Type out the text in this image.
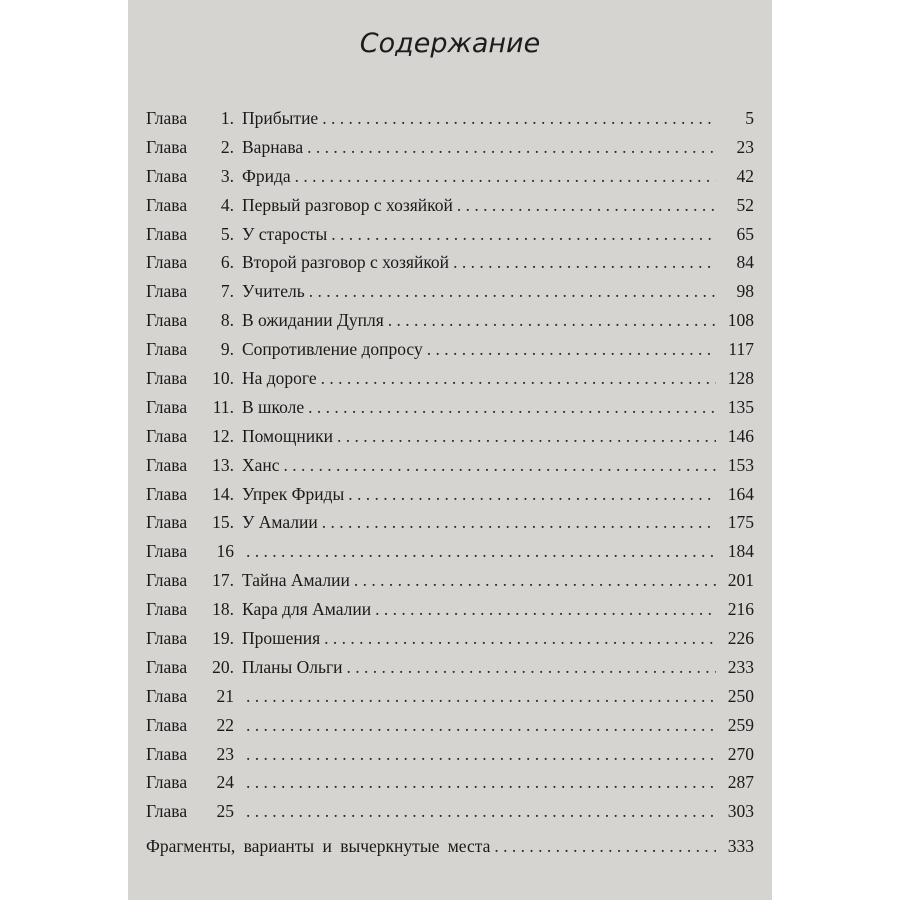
Содержание
Глава	1. Прибытие . . .	5
Глава	2. Варнава . . .	23
Глава	3. Фрида . . .	42
Глава	4. Первый разговор с хозяйкой . . .	52
Глава	5. У старосты . . .	65
Глава	6. Второй разговор с хозяйкой . . .	84
Глава	7. Учитель . . .	98
Глава	8. В ожидании Дупля . . .	108
Глава	9. Сопротивление допросу . . .	117
Глава	10. На дороге . . .	128
Глава	11. В школе . . .	135
Глава	12. Помощники . . .	146
Глава	13. Ханс . . .	153
Глава	14. Упрек Фриды . . .	164
Глава	15. У Амалии . . .	175
Глава	16 . . .	184
Глава	17. Тайна Амалии . . .	201
Глава	18. Кара для Амалии . . .	216
Глава	19. Прошения . . .	226
Глава	20. Планы Ольги . . .	233
Глава	21 . . .	250
Глава	22 . . .	259
Глава	23 . . .	270
Глава	24 . . .	287
Глава	25 . . .	303
Фрагменты, варианты и вычеркнутые места . . .	333
